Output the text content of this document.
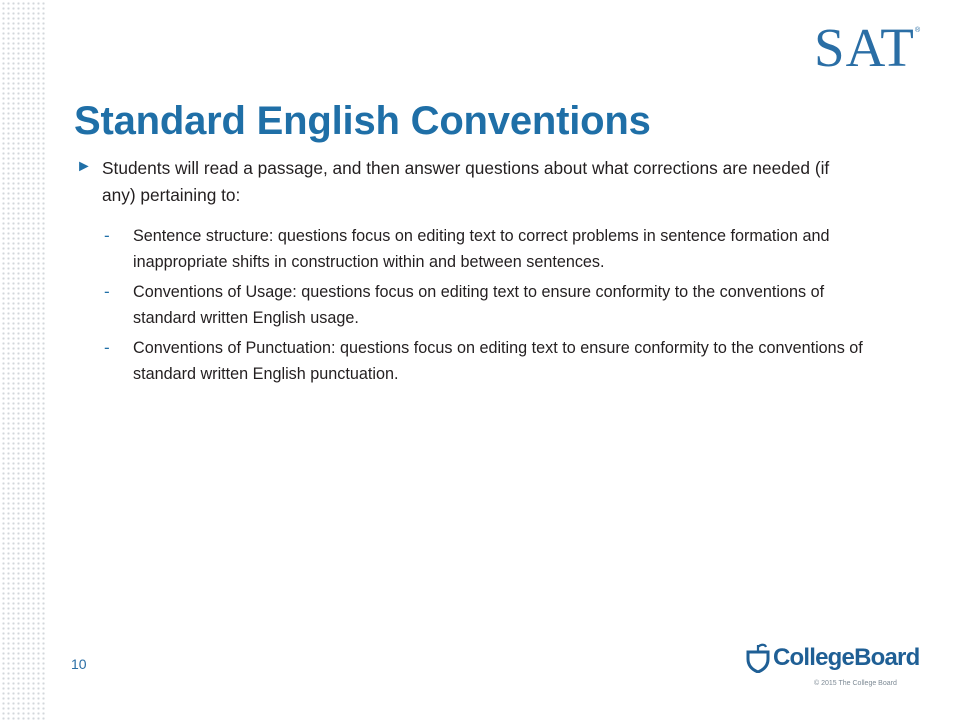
SAT ®
Standard English Conventions
► Students will read a passage, and then answer questions about what corrections are needed (if any) pertaining to:
- Sentence structure: questions focus on editing text to correct problems in sentence formation and inappropriate shifts in construction within and between sentences.
- Conventions of Usage: questions focus on editing text to ensure conformity to the conventions of standard written English usage.
- Conventions of Punctuation: questions focus on editing text to ensure conformity to the conventions of standard written English punctuation.
10	CollegeBoard
© 2015 The College Board
